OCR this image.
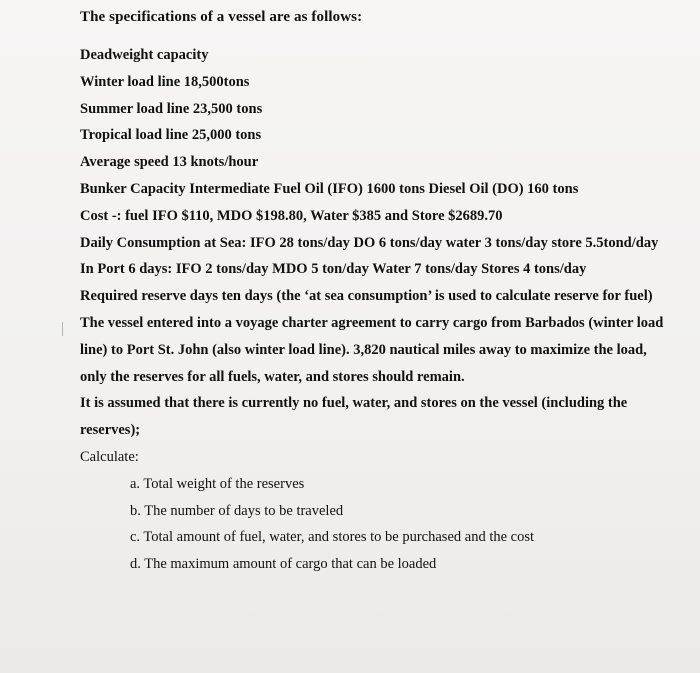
The specifications of a vessel are as follows:
Deadweight capacity
Winter load line 18,500tons
Summer load line 23,500 tons
Tropical load line 25,000 tons
Average speed 13 knots/hour
Bunker Capacity Intermediate Fuel Oil (IFO) 1600 tons Diesel Oil (DO) 160 tons
Cost -: fuel IFO $110, MDO $198.80, Water $385 and Store $2689.70
Daily Consumption at Sea: IFO 28 tons/day DO 6 tons/day water 3 tons/day store 5.5tond/day
In Port 6 days: IFO 2 tons/day MDO 5 ton/day Water 7 tons/day Stores 4 tons/day
Required reserve days ten days (the ‘at sea consumption’ is used to calculate reserve for fuel)
The vessel entered into a voyage charter agreement to carry cargo from Barbados (winter load
line) to Port St. John (also winter load line). 3,820 nautical miles away to maximize the load,
only the reserves for all fuels, water, and stores should remain.
It is assumed that there is currently no fuel, water, and stores on the vessel (including the
reserves);
Calculate:
a. Total weight of the reserves
b. The number of days to be traveled
c. Total amount of fuel, water, and stores to be purchased and the cost
d. The maximum amount of cargo that can be loaded
